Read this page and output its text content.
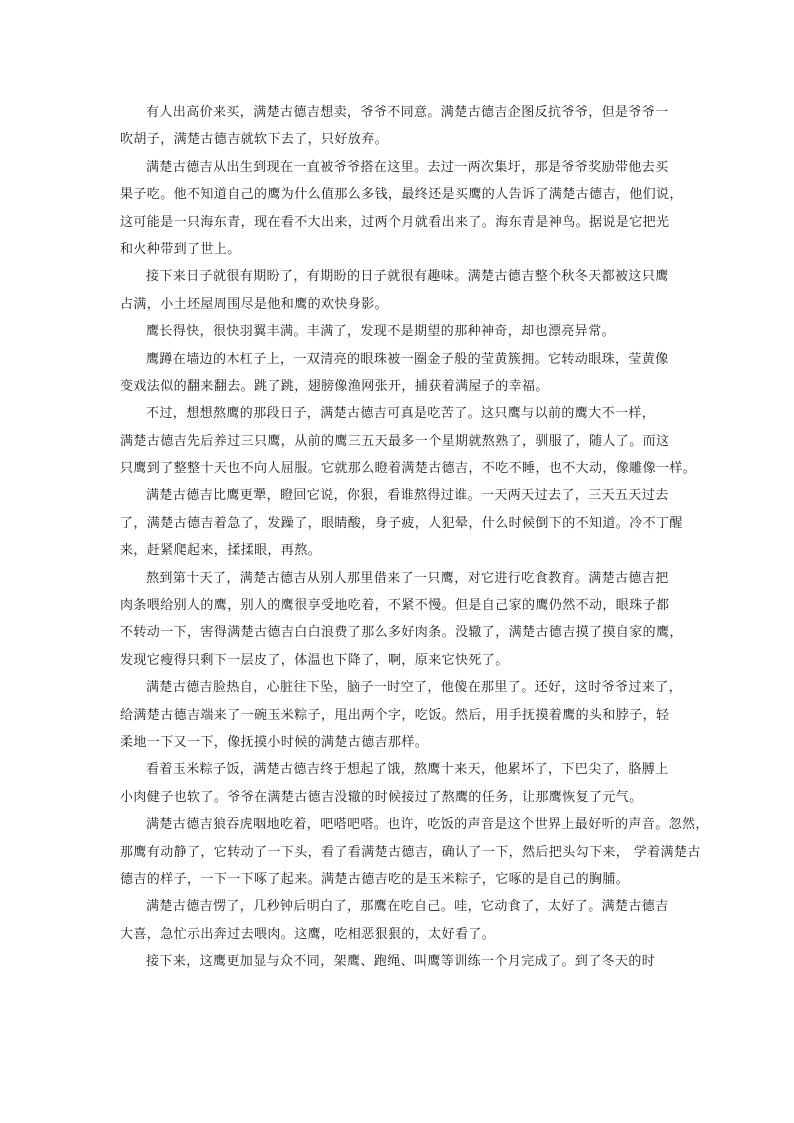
有人出高价来买，满楚古德吉想卖，爷爷不同意。满楚古德吉企图反抗爷爷，但是爷爷一
吹胡子，满楚古德吉就软下去了，只好放弃。
满楚古德吉从出生到现在一直被爷爷搭在这里。去过一两次集圩，那是爷爷奖励带他去买
果子吃。他不知道自己的鹰为什么值那么多钱，最终还是买鹰的人告诉了满楚古德吉，他们说，
这可能是一只海东青，现在看不大出来，过两个月就看出来了。海东青是神鸟。据说是它把光
和火种带到了世上。
接下来日子就很有期盼了，有期盼的日子就很有趣味。满楚古德吉整个秋冬天都被这只鹰
占满，小土坯屋周围尽是他和鹰的欢快身影。
鹰长得快，很快羽翼丰满。丰满了，发现不是期望的那种神奇，却也漂亮异常。
鹰蹲在墙边的木杠子上，一双清亮的眼珠被一圈金子般的莹黄簇拥。它转动眼珠，莹黄像
变戏法似的翻来翻去。跳了跳，翅膀像渔网张开，捕获着满屋子的幸福。
不过，想想熬鹰的那段日子，满楚古德吉可真是吃苦了。这只鹰与以前的鹰大不一样，
满楚古德吉先后养过三只鹰，从前的鹰三五天最多一个星期就熬熟了，驯服了，随人了。而这
只鹰到了整整十天也不向人屈服。它就那么瞪着满楚古德吉，不吃不睡，也不大动，像雕像一样。
满楚古德吉比鹰更犟，瞪回它说，你狠，看谁熬得过谁。一天两天过去了，三天五天过去
了，满楚古德吉着急了，发躁了，眼睛酸，身子疲，人犯晕，什么时候倒下的不知道。冷不丁醒
来，赶紧爬起来，揉揉眼，再熬。
熬到第十天了，满楚古德吉从别人那里借来了一只鹰，对它进行吃食教育。满楚古德吉把
肉条喂给别人的鹰，别人的鹰很享受地吃着，不紧不慢。但是自己家的鹰仍然不动，眼珠子都
不转动一下，害得满楚古德吉白白浪费了那么多好肉条。没辙了，满楚古德吉摸了摸自家的鹰，
发现它瘦得只剩下一层皮了，体温也下降了，啊，原来它快死了。
满楚古德吉脸热自，心脏往下坠，脑子一时空了，他傻在那里了。还好，这时爷爷过来了，
给满楚古德吉端来了一碗玉米粽子，甩出两个字，吃饭。然后，用手抚摸着鹰的头和脖子，轻
柔地一下又一下，像抚摸小时候的满楚古德吉那样。
看着玉米粽子饭，满楚古德吉终于想起了饿，熬鹰十来天，他累坏了，下巴尖了，胳膊上
小肉健子也软了。爷爷在满楚古德吉没辙的时候接过了熬鹰的任务，让那鹰恢复了元气。
满楚古德吉狼吞虎咽地吃着，吧嗒吧嗒。也许，吃饭的声音是这个世界上最好听的声音。忽然，
那鹰有动静了，它转动了一下头，看了看满楚古德吉，确认了一下，然后把头勾下来， 学着满楚古
德吉的样子，一下一下啄了起来。满楚古德吉吃的是玉米粽子，它啄的是自己的胸脯。
满楚古德吉愣了，几秒钟后明白了，那鹰在吃自己。哇，它动食了，太好了。满楚古德吉
大喜，急忙示出奔过去喂肉。这鹰，吃相恶狠狠的，太好看了。
接下来，这鹰更加显与众不同，架鹰、跑绳、叫鹰等训练一个月完成了。到了冬天的时
